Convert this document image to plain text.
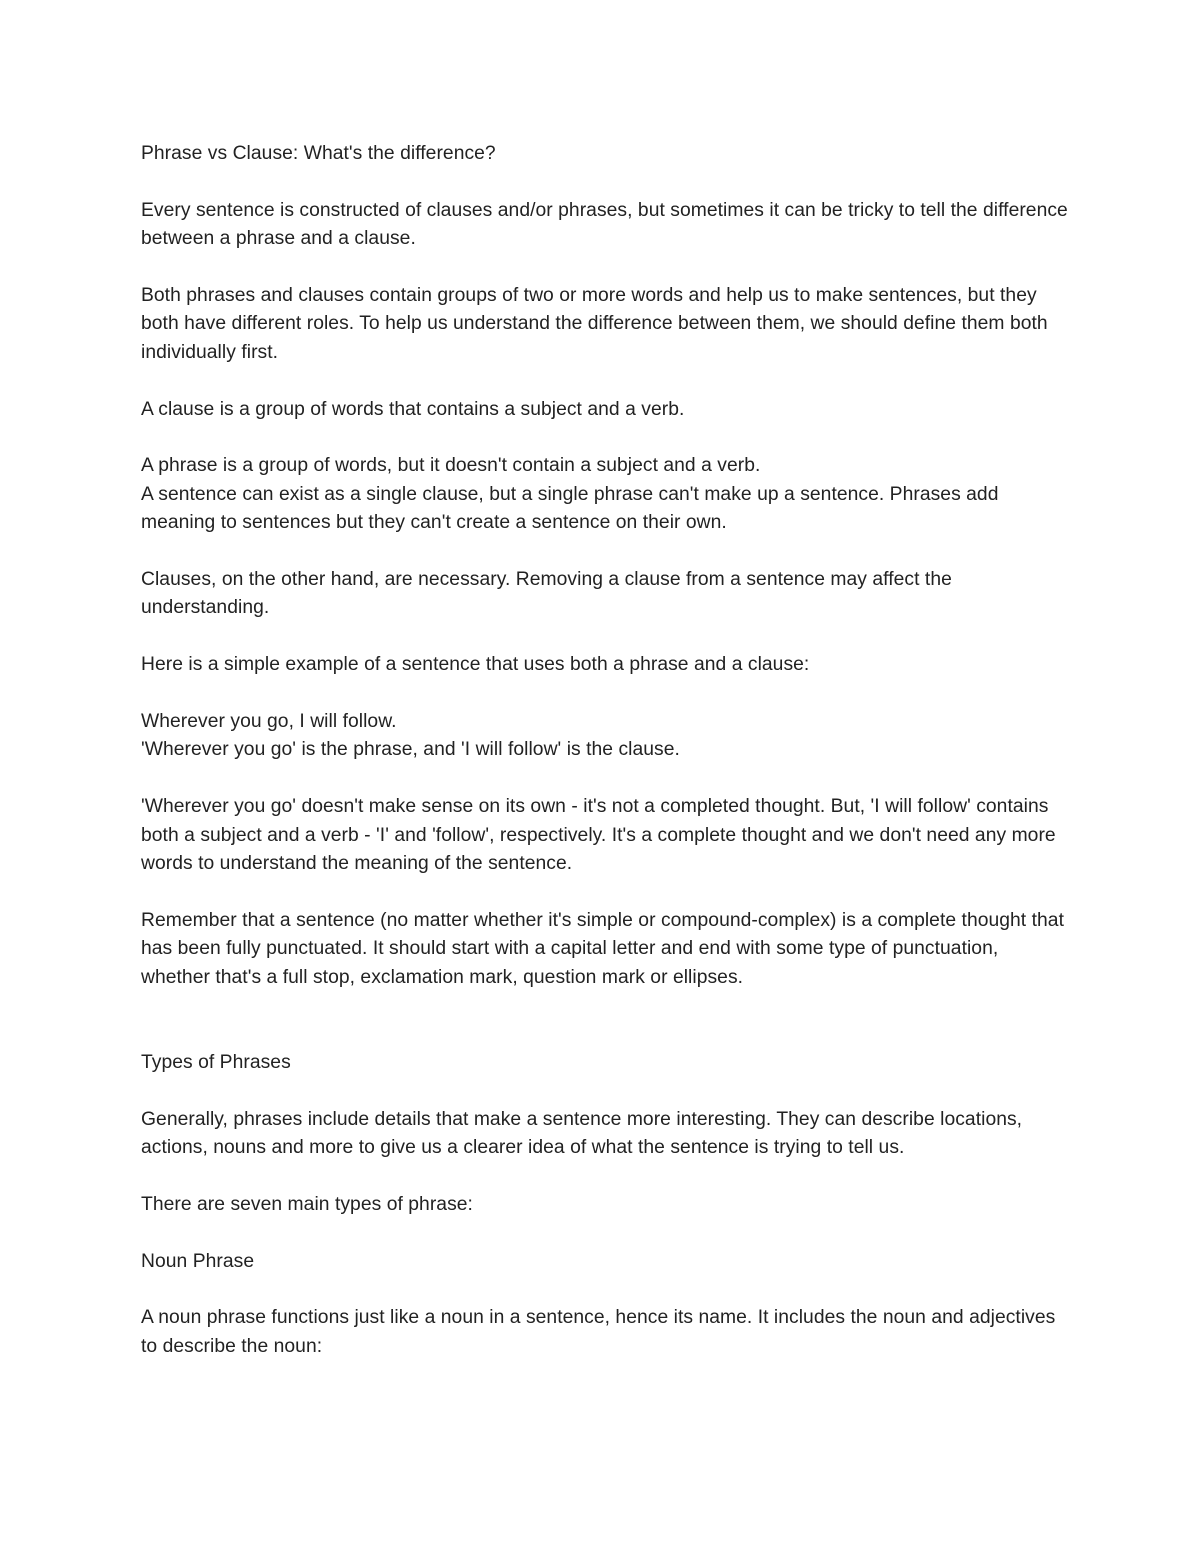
Phrase vs Clause: What's the difference?

Every sentence is constructed of clauses and/or phrases, but sometimes it can be tricky to tell the difference between a phrase and a clause.

Both phrases and clauses contain groups of two or more words and help us to make sentences, but they both have different roles. To help us understand the difference between them, we should define them both individually first.

A clause is a group of words that contains a subject and a verb.

A phrase is a group of words, but it doesn't contain a subject and a verb.

A sentence can exist as a single clause, but a single phrase can't make up a sentence. Phrases add meaning to sentences but they can't create a sentence on their own.

Clauses, on the other hand, are necessary. Removing a clause from a sentence may affect the understanding.

Here is a simple example of a sentence that uses both a phrase and a clause:

Wherever you go, I will follow.

'Wherever you go' is the phrase, and 'I will follow' is the clause.

'Wherever you go' doesn't make sense on its own - it's not a completed thought. But, 'I will follow' contains both a subject and a verb - 'I' and 'follow', respectively. It's a complete thought and we don't need any more words to understand the meaning of the sentence.

Remember that a sentence (no matter whether it's simple or compound-complex) is a complete thought that has been fully punctuated. It should start with a capital letter and end with some type of punctuation, whether that's a full stop, exclamation mark, question mark or ellipses.

Types of Phrases

Generally, phrases include details that make a sentence more interesting. They can describe locations, actions, nouns and more to give us a clearer idea of what the sentence is trying to tell us.

There are seven main types of phrase:

Noun Phrase

A noun phrase functions just like a noun in a sentence, hence its name. It includes the noun and adjectives to describe the noun:
